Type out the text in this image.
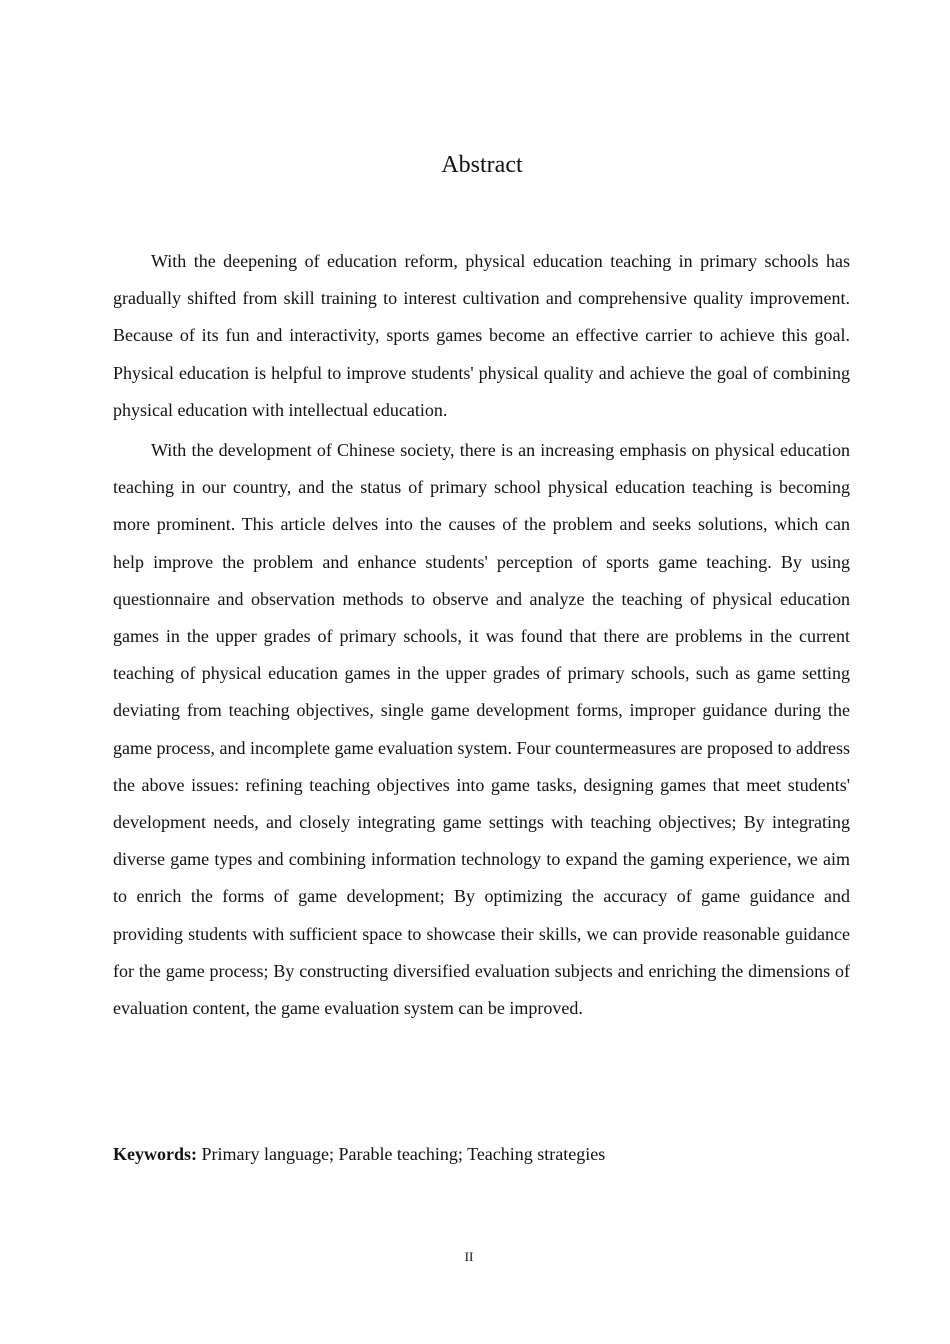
Abstract

With the deepening of education reform, physical education teaching in primary schools has gradually shifted from skill training to interest cultivation and comprehensive quality improvement. Because of its fun and interactivity, sports games become an effective carrier to achieve this goal. Physical education is helpful to improve students' physical quality and achieve the goal of combining physical education with intellectual education.

With the development of Chinese society, there is an increasing emphasis on physical education teaching in our country, and the status of primary school physical education teaching is becoming more prominent. This article delves into the causes of the problem and seeks solutions, which can help improve the problem and enhance students' perception of sports game teaching. By using questionnaire and observation methods to observe and analyze the teaching of physical education games in the upper grades of primary schools, it was found that there are problems in the current teaching of physical education games in the upper grades of primary schools, such as game setting deviating from teaching objectives, single game development forms, improper guidance during the game process, and incomplete game evaluation system. Four countermeasures are proposed to address the above issues: refining teaching objectives into game tasks, designing games that meet students' development needs, and closely integrating game settings with teaching objectives; By integrating diverse game types and combining information technology to expand the gaming experience, we aim to enrich the forms of game development; By optimizing the accuracy of game guidance and providing students with sufficient space to showcase their skills, we can provide reasonable guidance for the game process; By constructing diversified evaluation subjects and enriching the dimensions of evaluation content, the game evaluation system can be improved.

Keywords: Primary language; Parable teaching; Teaching strategies

II
